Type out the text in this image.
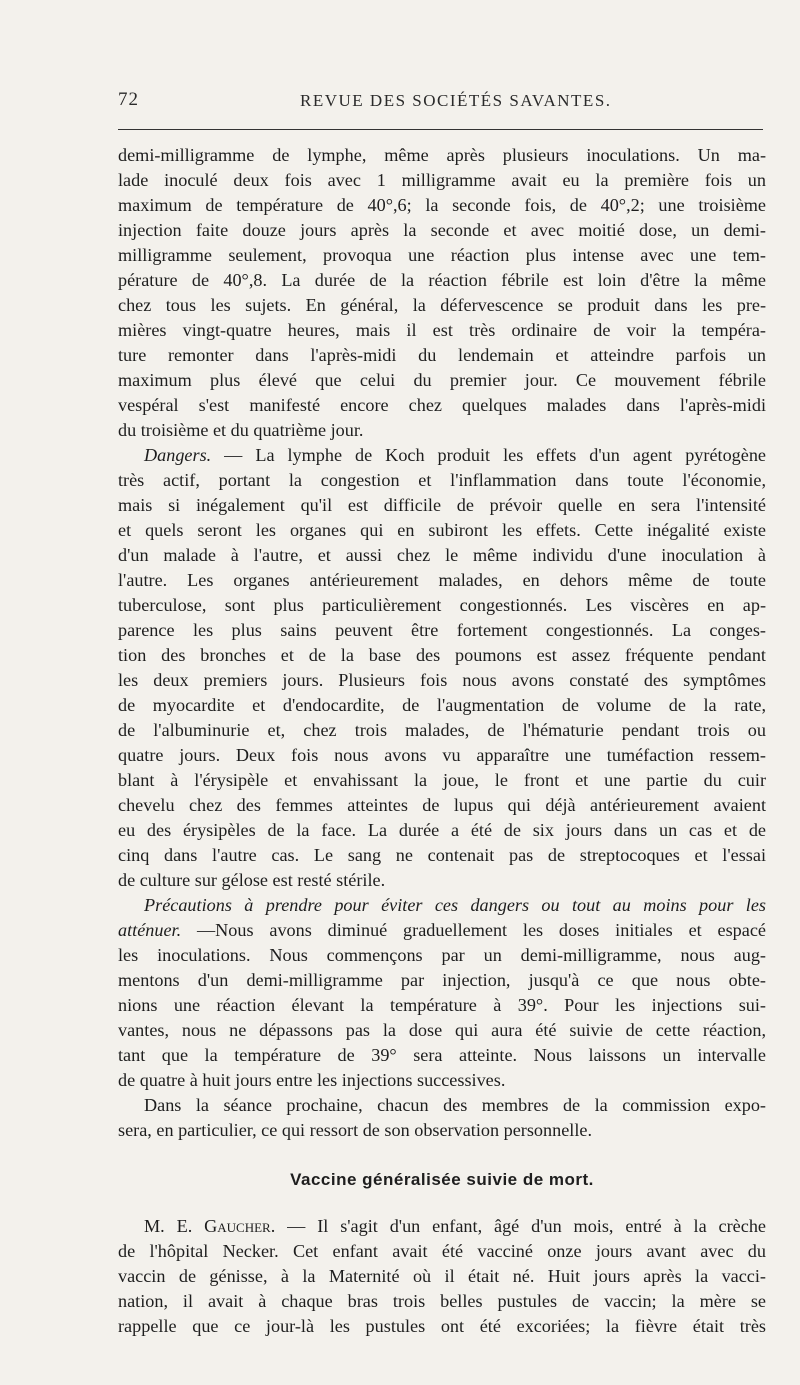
72	REVUE DES SOCIÉTÉS SAVANTES.
demi-milligramme de lymphe, même après plusieurs inoculations. Un ma-
lade inoculé deux fois avec 1 milligramme avait eu la première fois un
maximum de température de 40°,6; la seconde fois, de 40°,2; une troisième
injection faite douze jours après la seconde et avec moitié dose, un demi-
milligramme seulement, provoqua une réaction plus intense avec une tem-
pérature de 40°,8. La durée de la réaction fébrile est loin d'être la même
chez tous les sujets. En général, la défervescence se produit dans les pre-
mières vingt-quatre heures, mais il est très ordinaire de voir la tempéra-
ture remonter dans l'après-midi du lendemain et atteindre parfois un
maximum plus élevé que celui du premier jour. Ce mouvement fébrile
vespéral s'est manifesté encore chez quelques malades dans l'après-midi
du troisième et du quatrième jour.
Dangers. — La lymphe de Koch produit les effets d'un agent pyrétogène
très actif, portant la congestion et l'inflammation dans toute l'économie,
mais si inégalement qu'il est difficile de prévoir quelle en sera l'intensité
et quels seront les organes qui en subiront les effets. Cette inégalité existe
d'un malade à l'autre, et aussi chez le même individu d'une inoculation à
l'autre. Les organes antérieurement malades, en dehors même de toute
tuberculose, sont plus particulièrement congestionnés. Les viscères en ap-
parence les plus sains peuvent être fortement congestionnés. La conges-
tion des bronches et de la base des poumons est assez fréquente pendant
les deux premiers jours. Plusieurs fois nous avons constaté des symptômes
de myocardite et d'endocardite, de l'augmentation de volume de la rate,
de l'albuminurie et, chez trois malades, de l'hématurie pendant trois ou
quatre jours. Deux fois nous avons vu apparaître une tuméfaction ressem-
blant à l'érysipèle et envahissant la joue, le front et une partie du cuir
chevelu chez des femmes atteintes de lupus qui déjà antérieurement avaient
eu des érysipèles de la face. La durée a été de six jours dans un cas et de
cinq dans l'autre cas. Le sang ne contenait pas de streptocoques et l'essai
de culture sur gélose est resté stérile.
Précautions à prendre pour éviter ces dangers ou tout au moins pour les
atténuer. —Nous avons diminué graduellement les doses initiales et espacé
les inoculations. Nous commençons par un demi-milligramme, nous aug-
mentons d'un demi-milligramme par injection, jusqu'à ce que nous obte-
nions une réaction élevant la température à 39°. Pour les injections sui-
vantes, nous ne dépassons pas la dose qui aura été suivie de cette réaction,
tant que la température de 39° sera atteinte. Nous laissons un intervalle
de quatre à huit jours entre les injections successives.
Dans la séance prochaine, chacun des membres de la commission expo-
sera, en particulier, ce qui ressort de son observation personnelle.
Vaccine généralisée suivie de mort.
M. E. Gaucher. — Il s'agit d'un enfant, âgé d'un mois, entré à la crèche
de l'hôpital Necker. Cet enfant avait été vacciné onze jours avant avec du
vaccin de génisse, à la Maternité où il était né. Huit jours après la vacci-
nation, il avait à chaque bras trois belles pustules de vaccin; la mère se
rappelle que ce jour-là les pustules ont été excoriées; la fièvre était très
